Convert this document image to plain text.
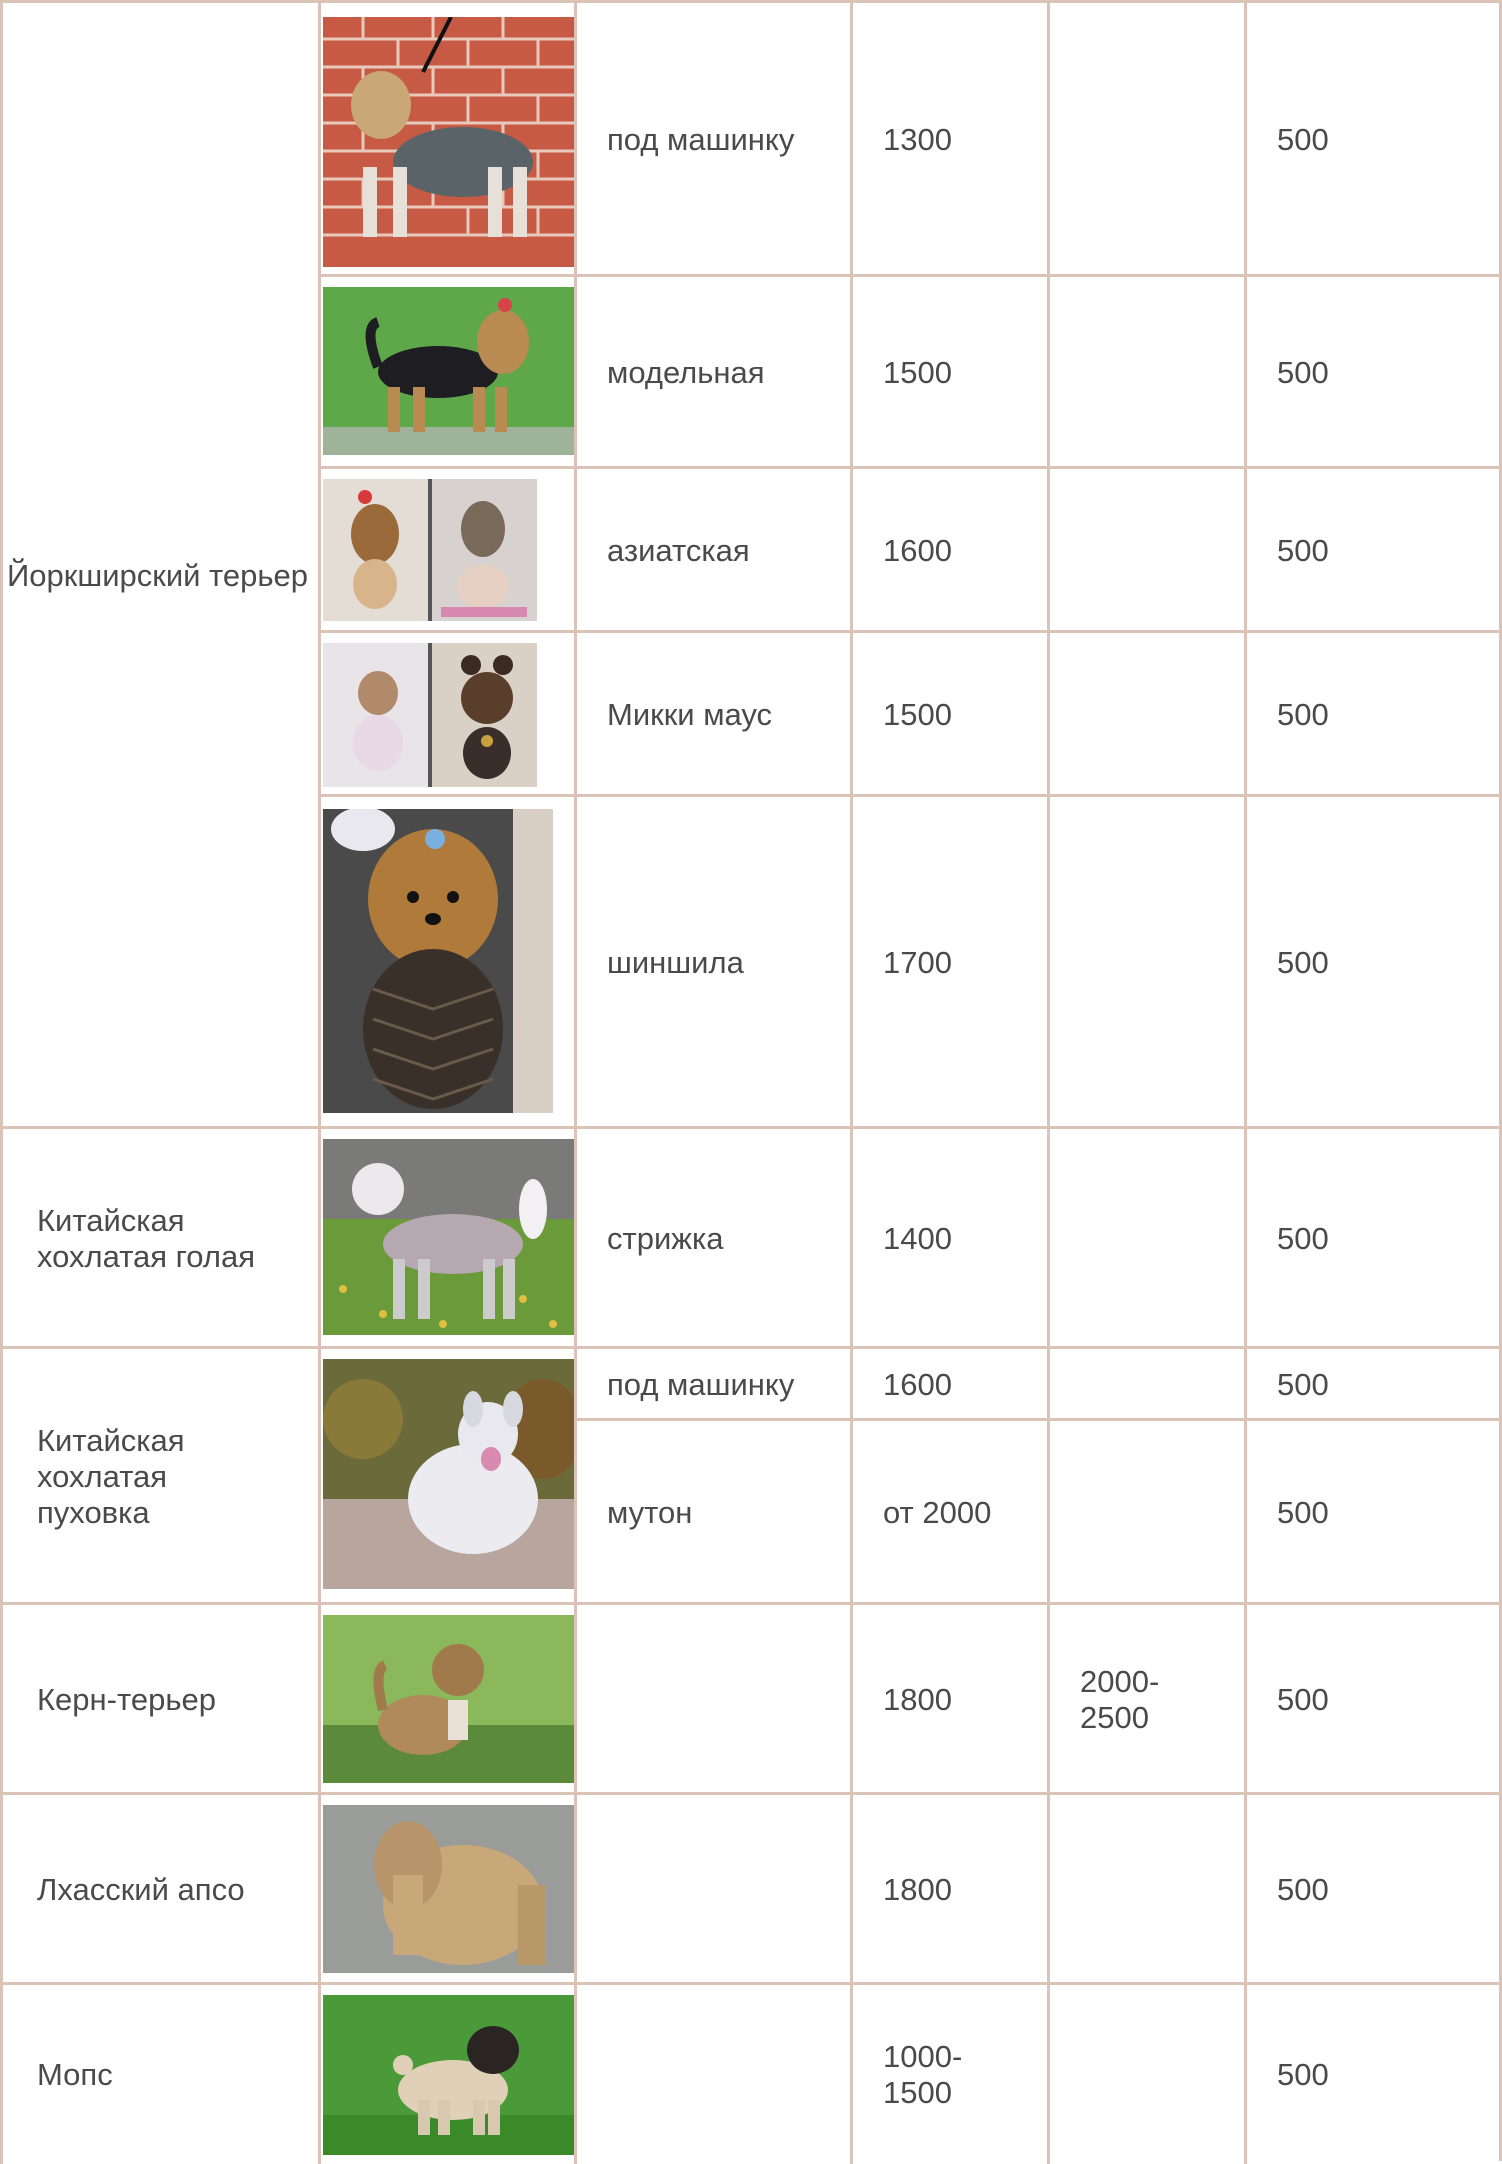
Йоркширский терьер
Китайская
хохлатая голая
Китайская
хохлатая
пуховка
Керн-терьер
Лхасский апсо
Мопс
под машинку
модельная
азиатская
Микки маус
шиншила
стрижка
под машинку
мутон
1300
1500
1600
1500
1700
1400
1600
от 2000
1800
1800
1000-
1500
2000-
2500
500
500
500
500
500
500
500
500
500
500
500
